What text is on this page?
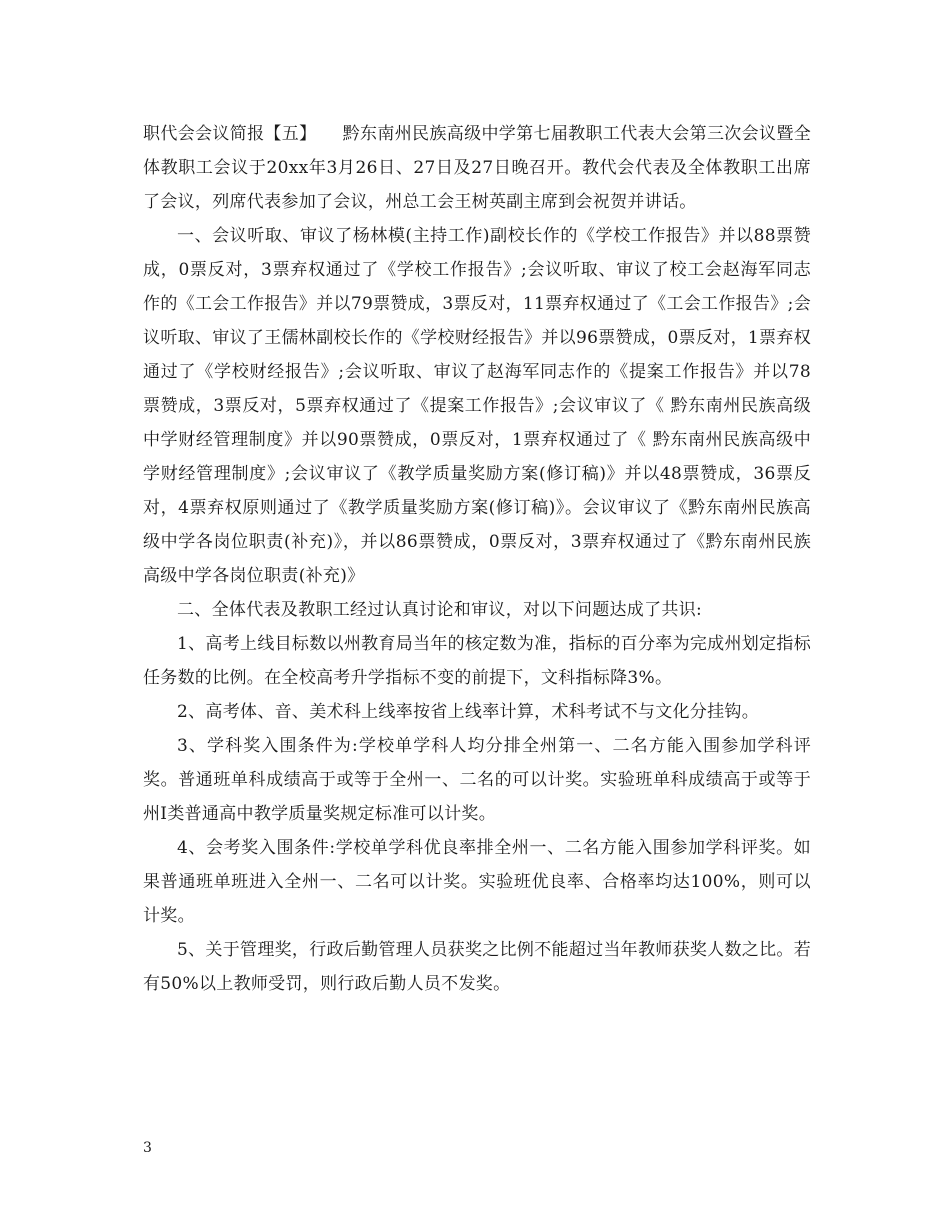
职代会会议简报【五】　　黔东南州民族高级中学第七届教职工代表大会第三次会议暨全体教职工会议于20xx年3月26日、27日及27日晚召开。教代会代表及全体教职工出席了会议，列席代表参加了会议，州总工会王树英副主席到会祝贺并讲话。

一、会议听取、审议了杨林模(主持工作)副校长作的《学校工作报告》并以88票赞成，0票反对，3票弃权通过了《学校工作报告》;会议听取、审议了校工会赵海军同志作的《工会工作报告》并以79票赞成，3票反对，11票弃权通过了《工会工作报告》;会议听取、审议了王儒林副校长作的《学校财经报告》并以96票赞成，0票反对，1票弃权通过了《学校财经报告》;会议听取、审议了赵海军同志作的《提案工作报告》并以78票赞成，3票反对，5票弃权通过了《提案工作报告》;会议审议了《 黔东南州民族高级中学财经管理制度》并以90票赞成，0票反对，1票弃权通过了《 黔东南州民族高级中学财经管理制度》;会议审议了《教学质量奖励方案(修订稿)》并以48票赞成，36票反对，4票弃权原则通过了《教学质量奖励方案(修订稿)》。会议审议了《黔东南州民族高级中学各岗位职责(补充)》，并以86票赞成，0票反对，3票弃权通过了《黔东南州民族高级中学各岗位职责(补充)》

二、全体代表及教职工经过认真讨论和审议，对以下问题达成了共识:

1、高考上线目标数以州教育局当年的核定数为准，指标的百分率为完成州划定指标任务数的比例。在全校高考升学指标不变的前提下，文科指标降3%。

2、高考体、音、美术科上线率按省上线率计算，术科考试不与文化分挂钩。

3、学科奖入围条件为:学校单学科人均分排全州第一、二名方能入围参加学科评奖。普通班单科成绩高于或等于全州一、二名的可以计奖。实验班单科成绩高于或等于州Ⅰ类普通高中教学质量奖规定标准可以计奖。

4、会考奖入围条件:学校单学科优良率排全州一、二名方能入围参加学科评奖。如果普通班单班进入全州一、二名可以计奖。实验班优良率、合格率均达100%，则可以计奖。

5、关于管理奖，行政后勤管理人员获奖之比例不能超过当年教师获奖人数之比。若有50%以上教师受罚，则行政后勤人员不发奖。

3
